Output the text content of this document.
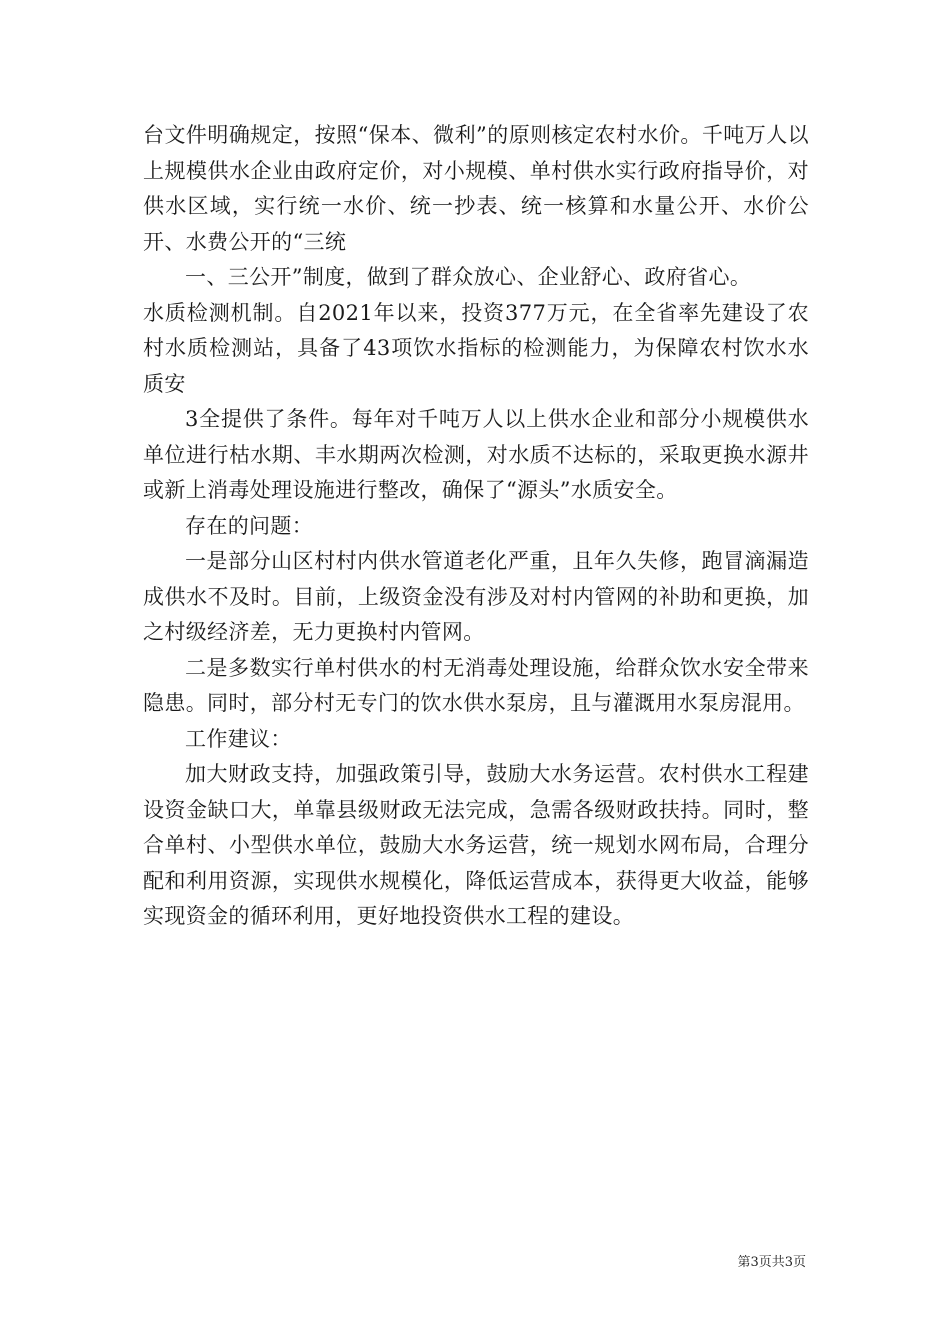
台文件明确规定，按照“保本、微利”的原则核定农村水价。千吨万人以上规模供水企业由政府定价，对小规模、单村供水实行政府指导价，对供水区域，实行统一水价、统一抄表、统一核算和水量公开、水价公开、水费公开的“三统

一、三公开”制度，做到了群众放心、企业舒心、政府省心。

水质检测机制。自2021年以来，投资377万元，在全省率先建设了农村水质检测站，具备了43项饮水指标的检测能力，为保障农村饮水水质安

3全提供了条件。每年对千吨万人以上供水企业和部分小规模供水单位进行枯水期、丰水期两次检测，对水质不达标的，采取更换水源井或新上消毒处理设施进行整改，确保了“源头”水质安全。

存在的问题：

一是部分山区村村内供水管道老化严重，且年久失修，跑冒滴漏造成供水不及时。目前，上级资金没有涉及对村内管网的补助和更换，加之村级经济差，无力更换村内管网。

二是多数实行单村供水的村无消毒处理设施，给群众饮水安全带来隐患。同时，部分村无专门的饮水供水泵房，且与灌溉用水泵房混用。

工作建议：

加大财政支持，加强政策引导，鼓励大水务运营。农村供水工程建设资金缺口大，单靠县级财政无法完成，急需各级财政扶持。同时，整合单村、小型供水单位，鼓励大水务运营，统一规划水网布局，合理分配和利用资源，实现供水规模化，降低运营成本，获得更大收益，能够实现资金的循环利用，更好地投资供水工程的建设。

第3页共3页
